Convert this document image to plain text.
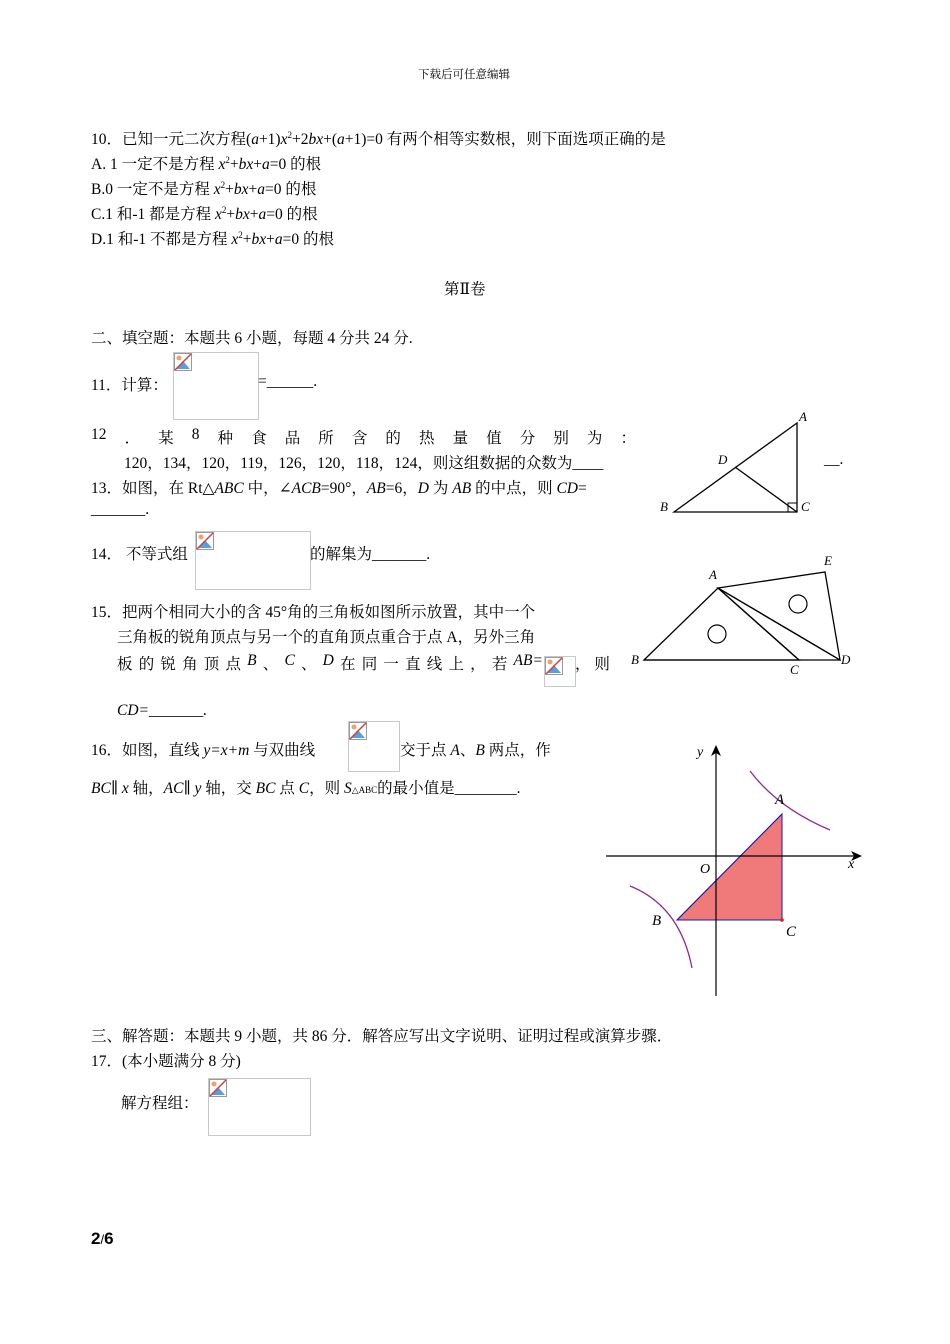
下载后可任意编辑
10．已知一元二次方程$(a+1)x^2+2bx+(a+1)=0$ 有两个相等实数根，则下面选项正确的是
A. 1 一定不是方程 $x^2+bx+a=0$ 的根
B.0 一定不是方程 $x^2+bx+a=0$ 的根
C.1 和-1 都是方程 $x^2+bx+a=0$ 的根
D.1 和-1 不都是方程 $x^2+bx+a=0$ 的根
第Ⅱ卷
二、填空题：本题共 6 小题，每题 4 分共 24 分.
11．计算：	=______.
12 ． 某 8 种 食 品 所 含 的 热 量 值 分 别 为 ：
120，134，120，119，126，120，118，124，则这组数据的众数为____	__.
13．如图，在 Rt△ABC 中，∠ACB=90°，AB=6，D 为 AB 的中点，则 CD=
_______.
A
B	C
D
14． 不等式组	的解集为_______.
15．把两个相同大小的含 45°角的三角板如图所示放置，其中一个
三角板的锐角顶点与另一个的直角顶点重合于点 A，另外三角
板 的 锐 角 顶 点 B 、 C 、 D 在 同 一 直 线 上 ， 若 AB= ， 则
CD=_______.
A
B
C
D
E
16．如图，直线 y=x+m 与双曲线	交于点 A、B 两点，作
BC∥ x 轴，AC∥ y 轴，交 BC 点 C，则 S△ABC的最小值是________.
y
x
O
A
B
C
三、解答题：本题共 9 小题，共 86 分．解答应写出文字说明、证明过程或演算步骤．
17．(本小题满分 8 分)
解方程组：
2/6
